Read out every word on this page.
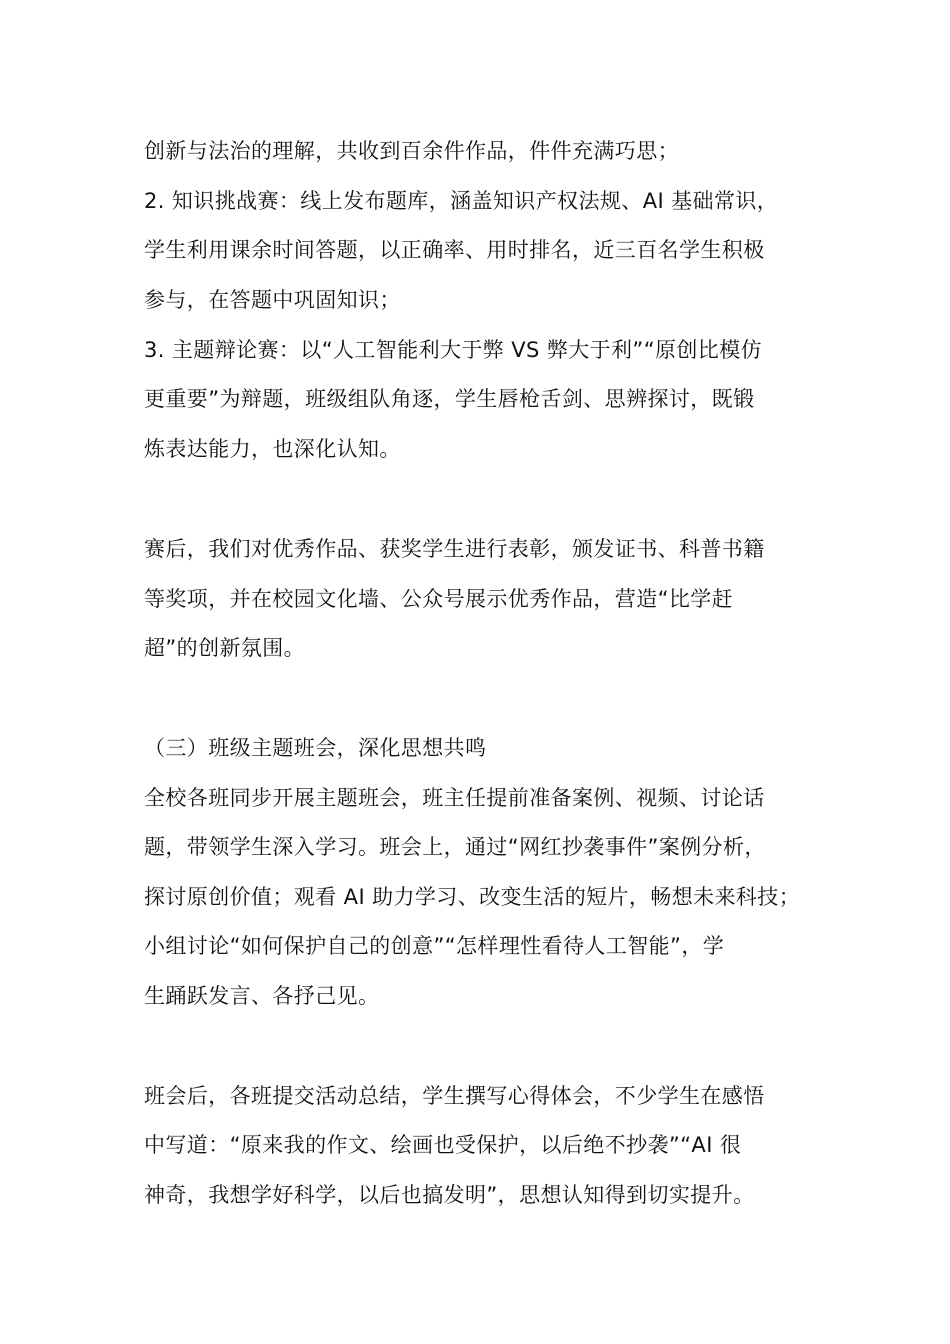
创新与法治的理解，共收到百余件作品，件件充满巧思；
2. 知识挑战赛：线上发布题库，涵盖知识产权法规、AI 基础常识，
学生利用课余时间答题，以正确率、用时排名，近三百名学生积极
参与，在答题中巩固知识；
3. 主题辩论赛：以“人工智能利大于弊 VS 弊大于利”“原创比模仿
更重要”为辩题，班级组队角逐，学生唇枪舌剑、思辨探讨，既锻
炼表达能力，也深化认知。
赛后，我们对优秀作品、获奖学生进行表彰，颁发证书、科普书籍
等奖项，并在校园文化墙、公众号展示优秀作品，营造“比学赶
超”的创新氛围。
（三）班级主题班会，深化思想共鸣
全校各班同步开展主题班会，班主任提前准备案例、视频、讨论话
题，带领学生深入学习。班会上，通过“网红抄袭事件”案例分析，
探讨原创价值；观看 AI 助力学习、改变生活的短片，畅想未来科技；
小组讨论“如何保护自己的创意”“怎样理性看待人工智能”，学
生踊跃发言、各抒己见。
班会后，各班提交活动总结，学生撰写心得体会，不少学生在感悟
中写道：“原来我的作文、绘画也受保护，以后绝不抄袭”“AI 很
神奇，我想学好科学，以后也搞发明”，思想认知得到切实提升。
